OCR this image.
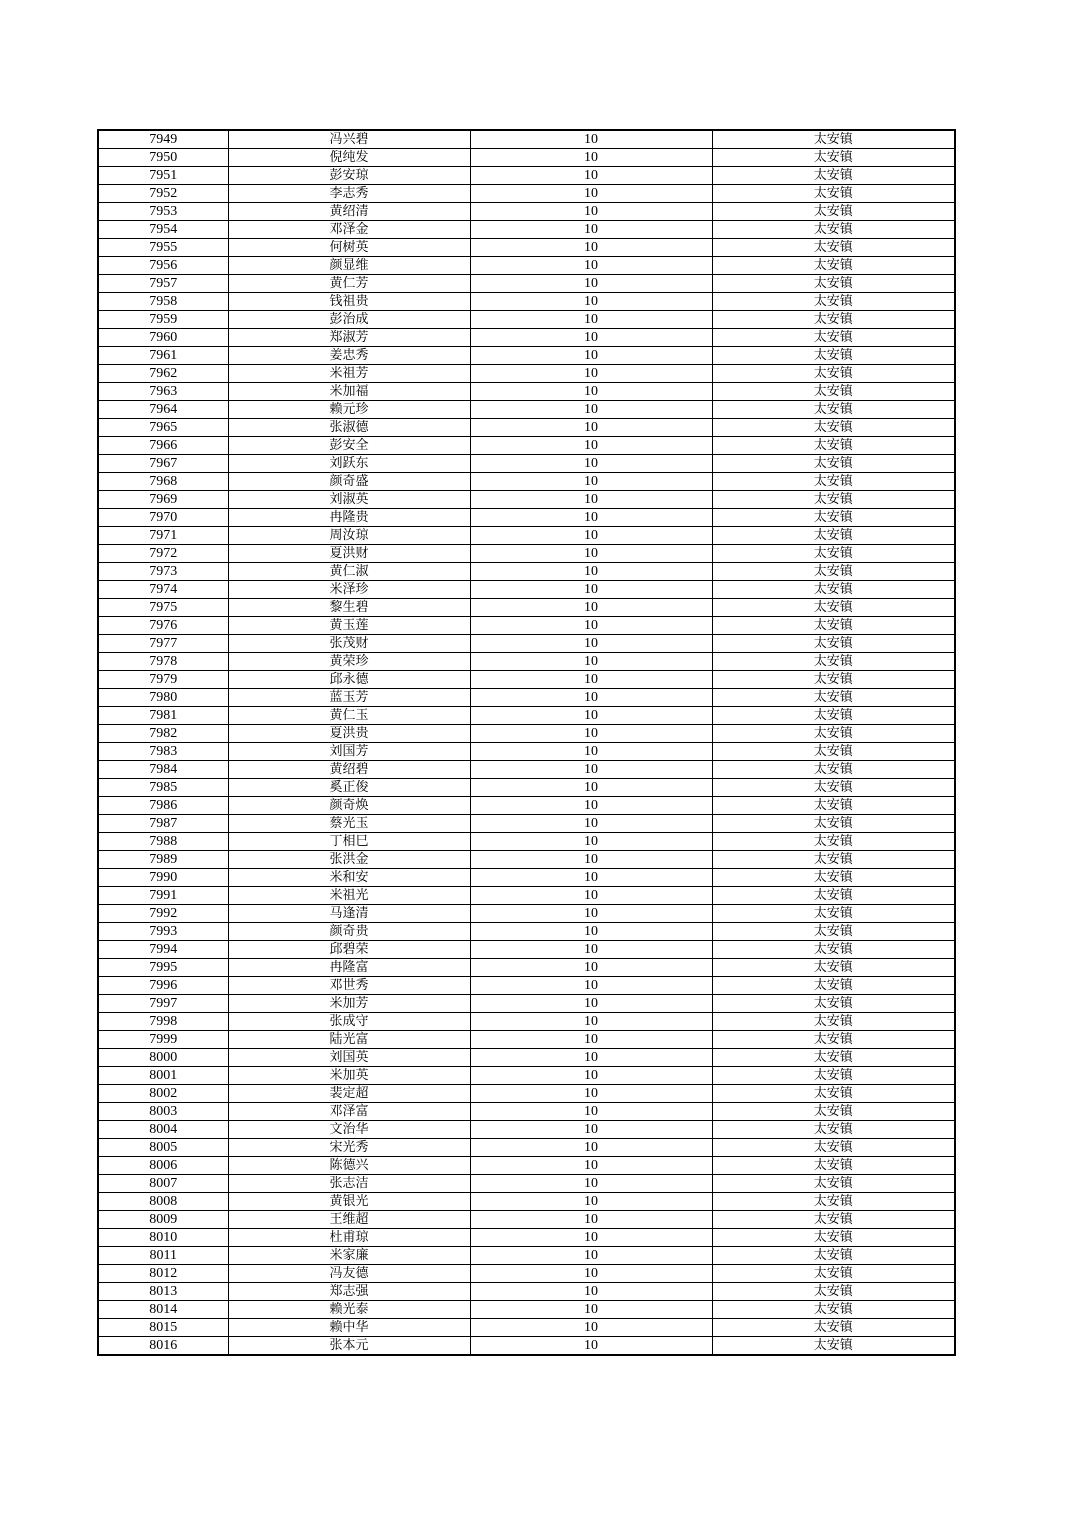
7949	冯兴碧	10	太安镇
7950	倪纯发	10	太安镇
7951	彭安琼	10	太安镇
7952	李志秀	10	太安镇
7953	黄绍清	10	太安镇
7954	邓泽金	10	太安镇
7955	何树英	10	太安镇
7956	颜显维	10	太安镇
7957	黄仁芳	10	太安镇
7958	钱祖贵	10	太安镇
7959	彭治成	10	太安镇
7960	郑淑芳	10	太安镇
7961	姜忠秀	10	太安镇
7962	米祖芳	10	太安镇
7963	米加福	10	太安镇
7964	赖元珍	10	太安镇
7965	张淑德	10	太安镇
7966	彭安全	10	太安镇
7967	刘跃东	10	太安镇
7968	颜奇盛	10	太安镇
7969	刘淑英	10	太安镇
7970	冉隆贵	10	太安镇
7971	周汝琼	10	太安镇
7972	夏洪财	10	太安镇
7973	黄仁淑	10	太安镇
7974	米泽珍	10	太安镇
7975	黎生碧	10	太安镇
7976	黄玉莲	10	太安镇
7977	张茂财	10	太安镇
7978	黄荣珍	10	太安镇
7979	邱永德	10	太安镇
7980	蓝玉芳	10	太安镇
7981	黄仁玉	10	太安镇
7982	夏洪贵	10	太安镇
7983	刘国芳	10	太安镇
7984	黄绍碧	10	太安镇
7985	奚正俊	10	太安镇
7986	颜奇焕	10	太安镇
7987	蔡光玉	10	太安镇
7988	丁相巳	10	太安镇
7989	张洪金	10	太安镇
7990	米和安	10	太安镇
7991	米祖光	10	太安镇
7992	马逢清	10	太安镇
7993	颜奇贵	10	太安镇
7994	邱碧荣	10	太安镇
7995	冉隆富	10	太安镇
7996	邓世秀	10	太安镇
7997	米加芳	10	太安镇
7998	张成守	10	太安镇
7999	陆光富	10	太安镇
8000	刘国英	10	太安镇
8001	米加英	10	太安镇
8002	裴定超	10	太安镇
8003	邓泽富	10	太安镇
8004	文治华	10	太安镇
8005	宋光秀	10	太安镇
8006	陈德兴	10	太安镇
8007	张志洁	10	太安镇
8008	黄银光	10	太安镇
8009	王维超	10	太安镇
8010	杜甫琼	10	太安镇
8011	米家廉	10	太安镇
8012	冯友德	10	太安镇
8013	郑志强	10	太安镇
8014	赖光泰	10	太安镇
8015	赖中华	10	太安镇
8016	张本元	10	太安镇
